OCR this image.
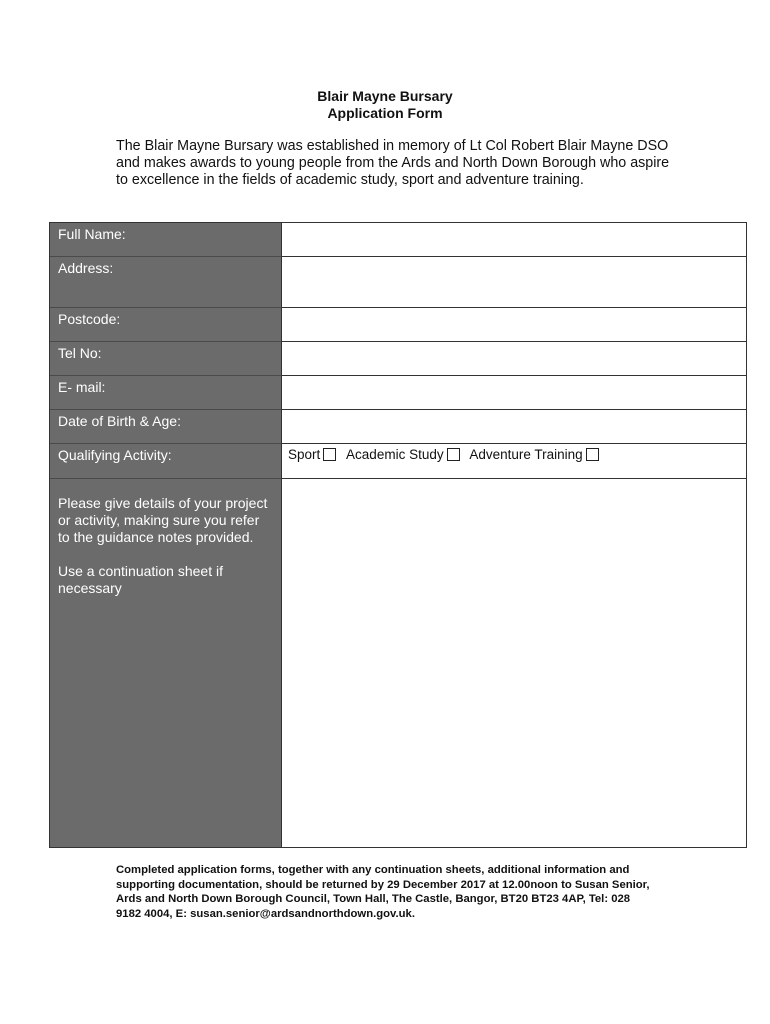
Blair Mayne Bursary
Application Form
The Blair Mayne Bursary was established in memory of Lt Col Robert Blair Mayne DSO and makes awards to young people from the Ards and North Down Borough who aspire to excellence in the fields of academic study, sport and adventure training.
Full Name:
Address:
Postcode:
Tel No:
E- mail:
Date of Birth & Age:
Qualifying Activity:	Sport Academic Study Adventure Training

Please give details of your project or activity, making sure you refer to the guidance notes provided.

Use a continuation sheet if necessary

Completed application forms, together with any continuation sheets, additional information and supporting documentation, should be returned by 29 December 2017 at 12.00noon to Susan Senior, Ards and North Down Borough Council, Town Hall, The Castle, Bangor, BT20 BT23 4AP, Tel: 028 9182 4004, E: susan.senior@ardsandnorthdown.gov.uk.
